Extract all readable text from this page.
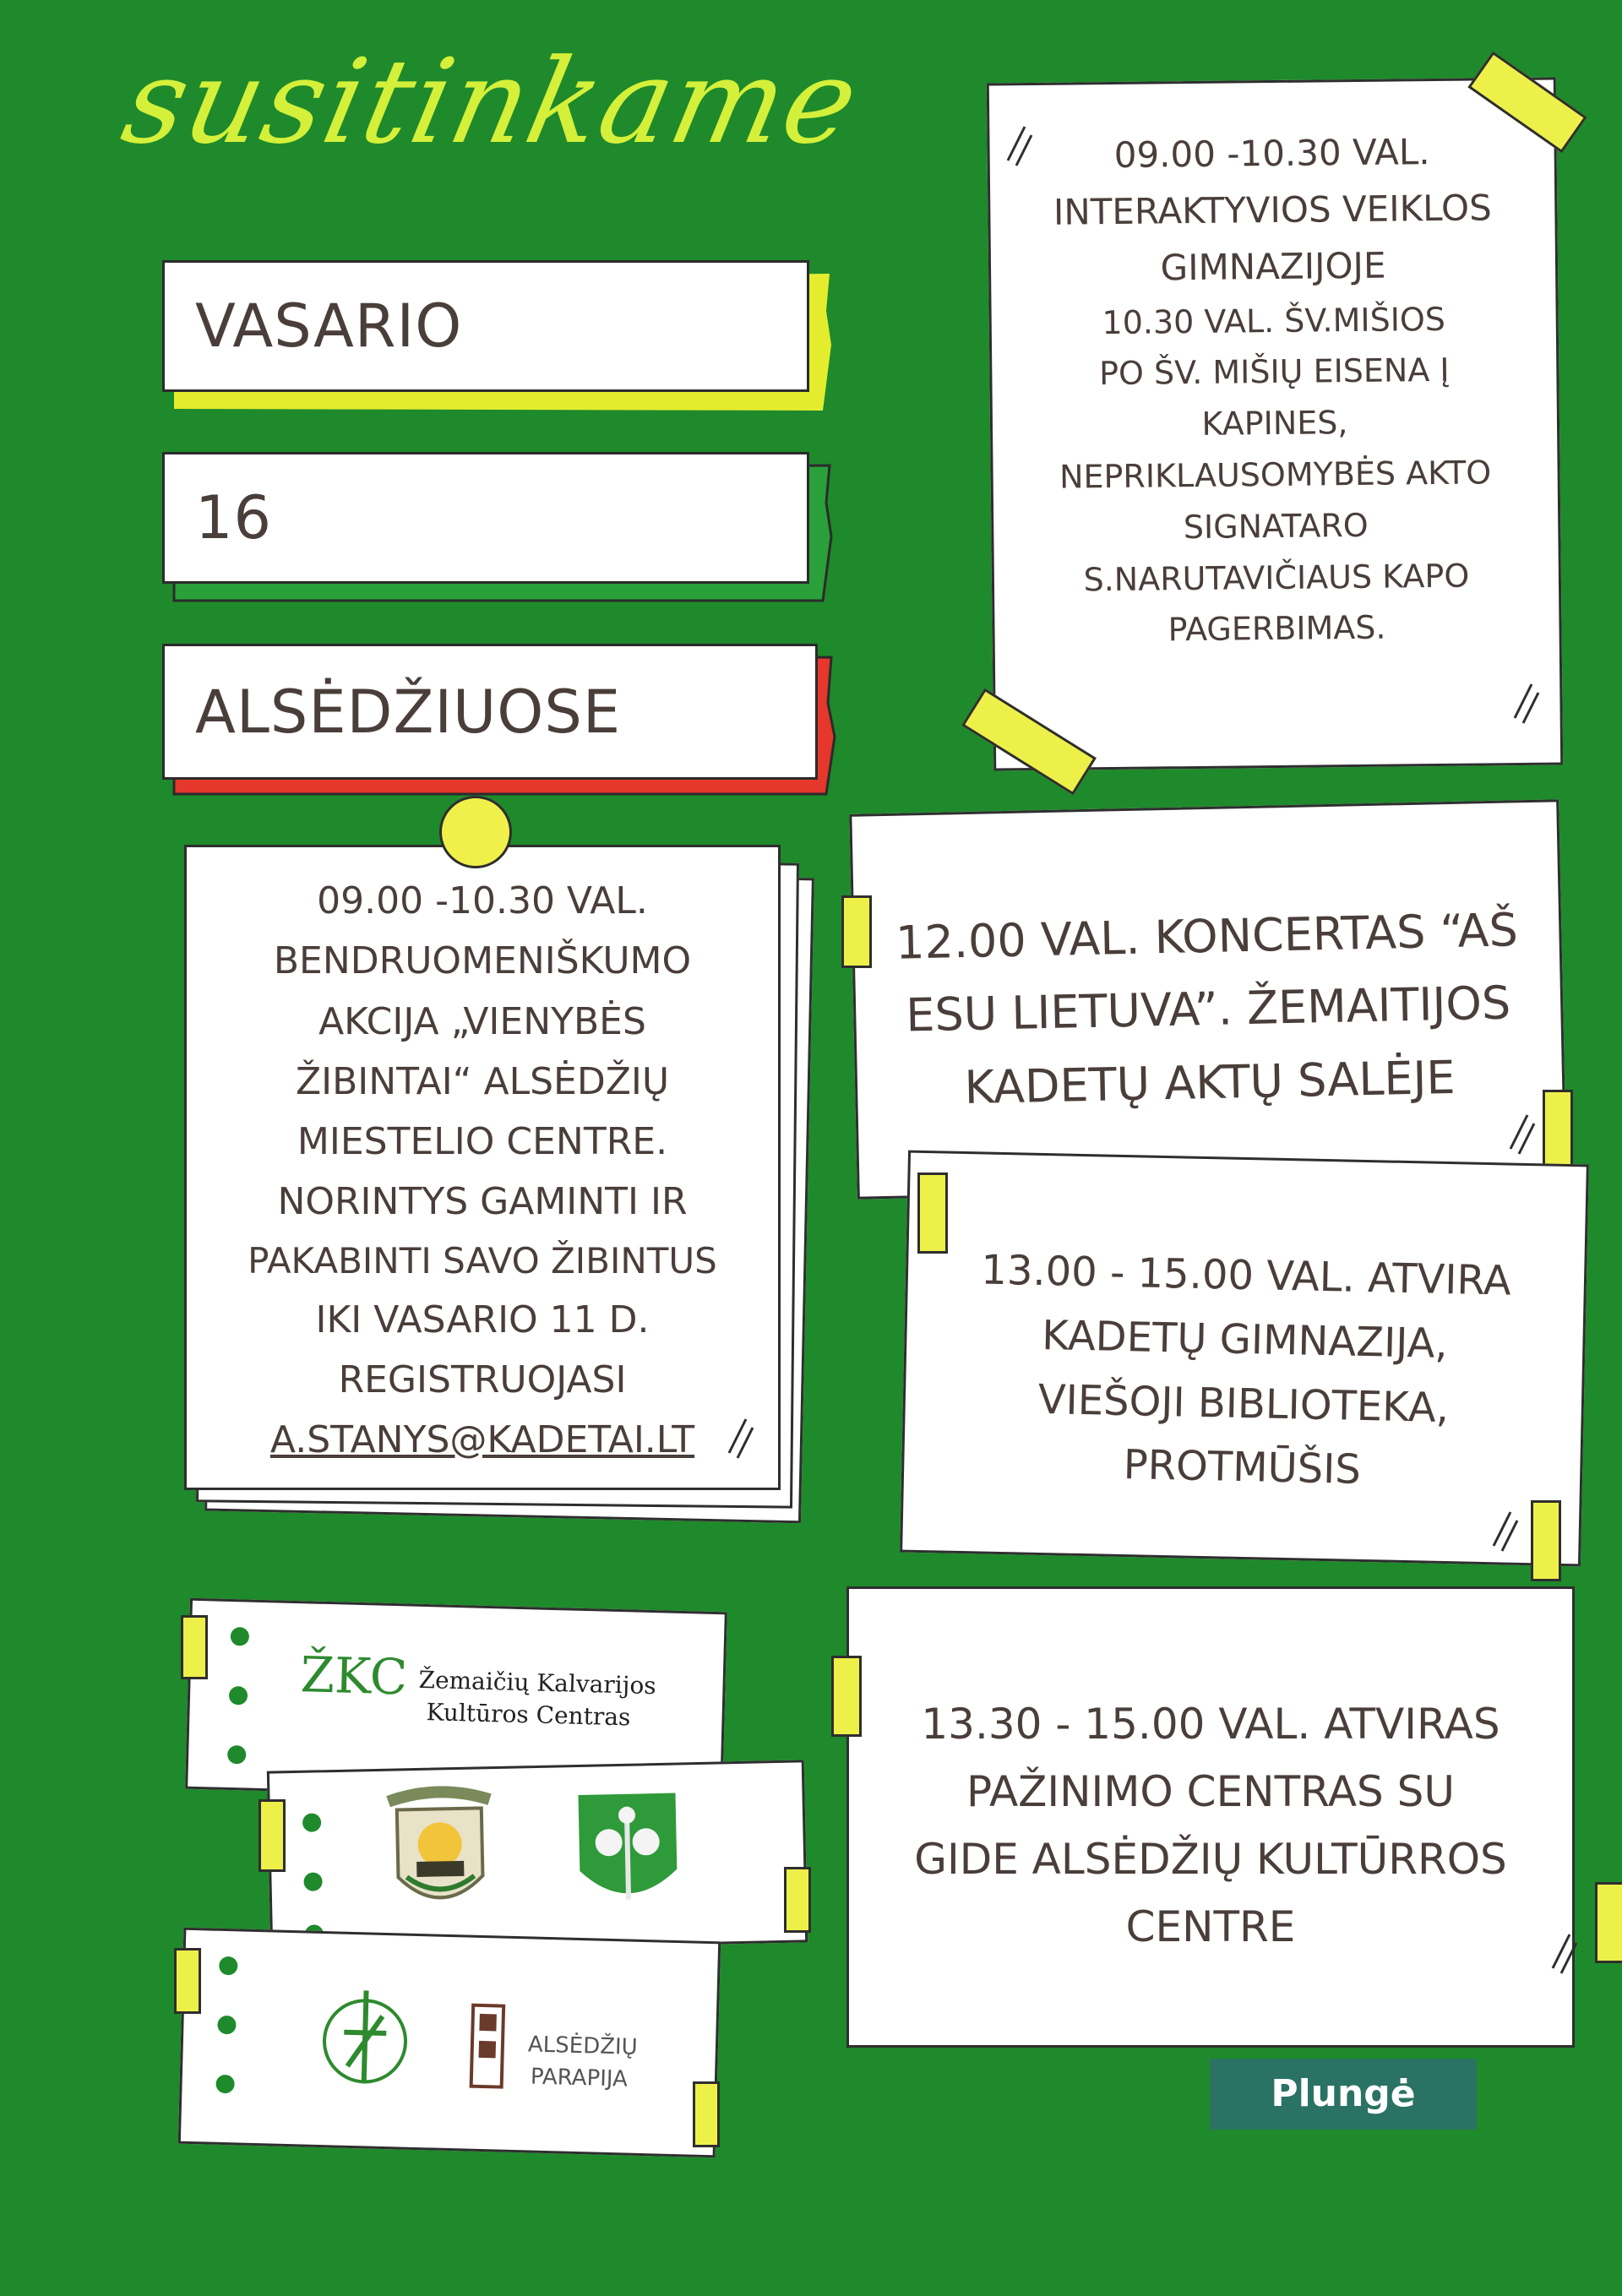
susitinkame
VASARIO
16
ALSĖDŽIUOSE
09.00 -10.30 VAL.
INTERAKTYVIOS VEIKLOS
GIMNAZIJOJE
10.30 VAL. ŠV.MIŠIOS
PO ŠV. MIŠIŲ EISENA Į
KAPINES,
NEPRIKLAUSOMYBĖS AKTO
SIGNATARO
S.NARUTAVIČIAUS KAPO
PAGERBIMAS.
09.00 -10.30 VAL.
BENDRUOMENIŠKUMO
AKCIJA „VIENYBĖS
ŽIBINTAI“ ALSĖDŽIŲ
MIESTELIO CENTRE.
NORINTYS GAMINTI IR
PAKABINTI SAVO ŽIBINTUS
IKI VASARIO 11 D.
REGISTRUOJASI
A.STANYS@KADETAI.LT
12.00 VAL. KONCERTAS “AŠ
ESU LIETUVA”. ŽEMAITIJOS
KADETŲ AKTŲ SALĖJE
13.00 - 15.00 VAL. ATVIRA
KADETŲ GIMNAZIJA,
VIEŠOJI BIBLIOTEKA,
PROTMŪŠIS
13.30 - 15.00 VAL. ATVIRAS
PAŽINIMO CENTRAS SU
GIDE ALSĖDŽIŲ KULTŪRROS
CENTRE
ŽKC Žemaičių Kalvarijos
Kultūros Centras
ALSĖDŽIŲ
PARAPIJA	Plungė
